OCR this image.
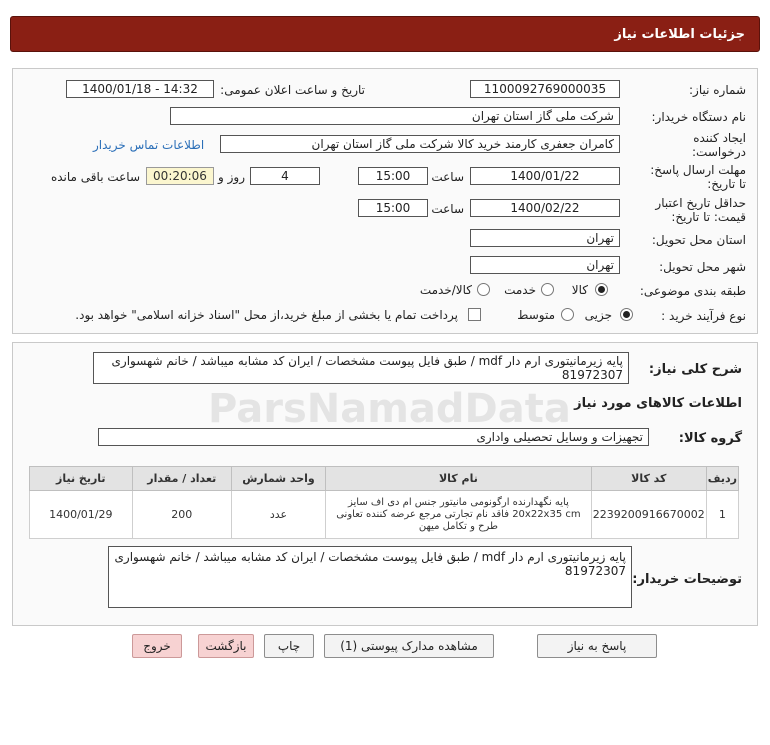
جزئیات اطلاعات نیاز
شماره نیاز:
1100092769000035
تاریخ و ساعت اعلان عمومی:
1400/01/18 - 14:32
نام دستگاه خریدار:
شرکت ملی گاز استان تهران
ایجاد کننده
درخواست:
کامران جعفری کارمند خرید کالا شرکت ملی گاز استان تهران
اطلاعات تماس خریدار
مهلت ارسال پاسخ:
تا تاریخ:
1400/01/22
ساعت
15:00
4
روز و
00:20:06
ساعت باقی مانده
حداقل تاریخ اعتبار
قیمت: تا تاریخ:
1400/02/22
ساعت
15:00
استان محل تحویل:
تهران
شهر محل تحویل:
تهران
طبقه بندی موضوعی:
کالا
خدمت
کالا/خدمت
نوع فرآیند خرید :
جزیی
متوسط
پرداخت تمام یا بخشی از مبلغ خرید،از محل "اسناد خزانه اسلامی" خواهد بود.
شرح کلی نیاز:
پایه زیرمانیتوری ارم دار mdf / طبق فایل پیوست مشخصات / ایران کد مشابه میباشد / خانم شهسواری
81972307
اطلاعات کالاهای مورد نیاز
گروه کالا:
تجهیزات و وسایل تحصیلی واداری
ردیف	کد کالا	نام کالا	واحد شمارش	تعداد / مقدار	تاریخ نیاز
1	2239200916670002	پایه نگهدارنده ارگونومی مانیتور جنس ام دی اف سایز
20x22x35 cm فاقد نام تجارتی مرجع عرضه کننده تعاونی
طرح و تکامل میهن	عدد	200	1400/01/29
توضیحات خریدار:
پایه زیرمانیتوری ارم دار mdf / طبق فایل پیوست مشخصات / ایران کد مشابه میباشد / خانم شهسواری
81972307
پاسخ به نیاز
مشاهده مدارک پیوستی (1)
چاپ
بازگشت
خروج
